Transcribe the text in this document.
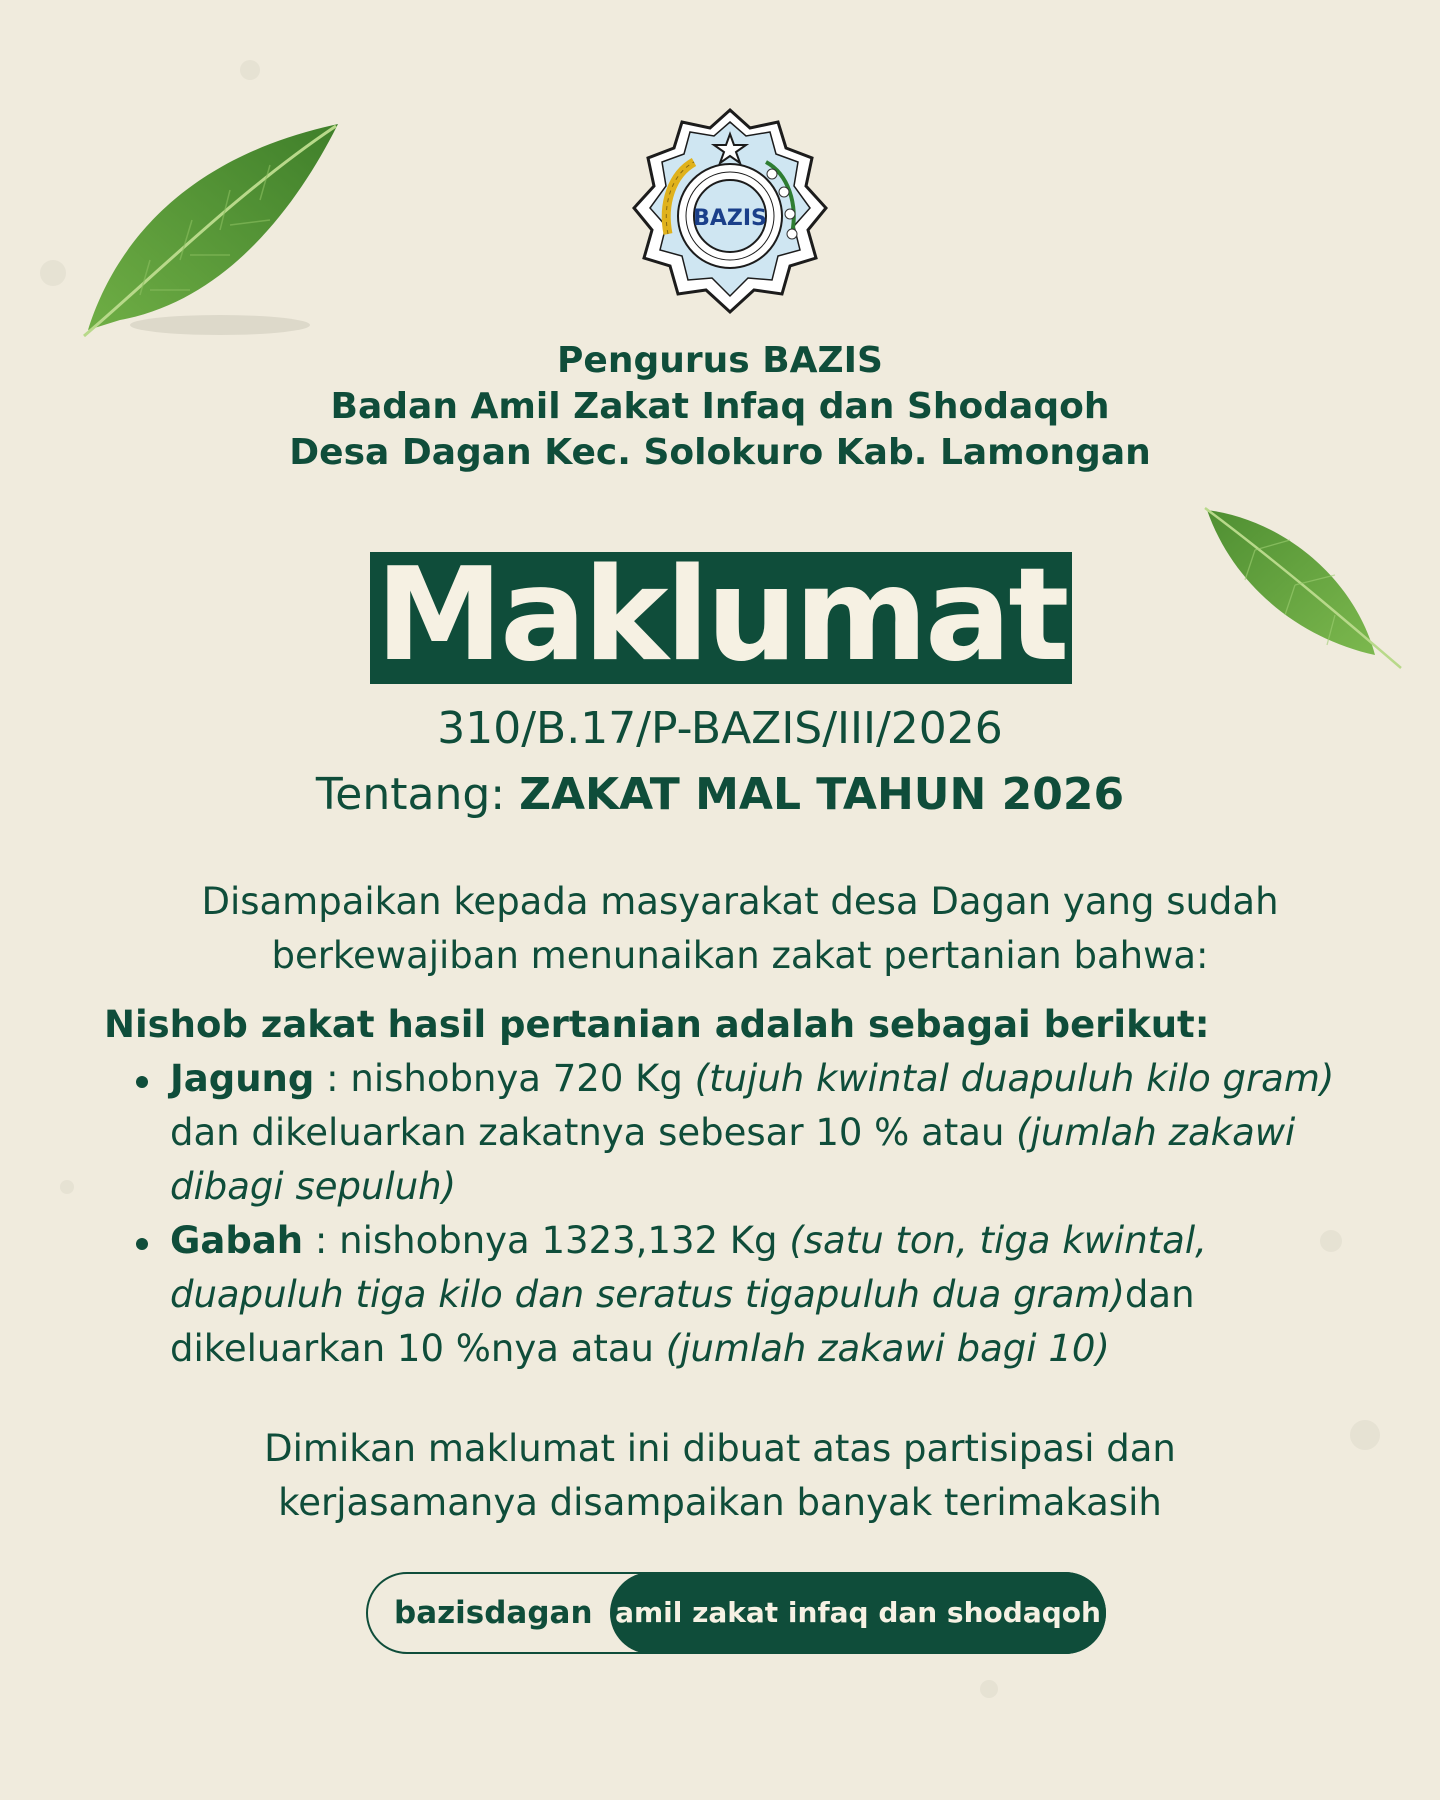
BAZIS
Pengurus BAZIS
Badan Amil Zakat Infaq dan Shodaqoh
Desa Dagan Kec. Solokuro Kab. Lamongan
Maklumat
310/B.17/P-BAZIS/III/2026
Tentang: ZAKAT MAL TAHUN 2026
Disampaikan kepada masyarakat desa Dagan yang sudah
berkewajiban menunaikan zakat pertanian bahwa:
Nishob zakat hasil pertanian adalah sebagai berikut:
Jagung : nishobnya 720 Kg (tujuh kwintal duapuluh kilo gram) dan dikeluarkan zakatnya sebesar 10 % atau (jumlah zakawi dibagi sepuluh)
Gabah : nishobnya 1323,132 Kg (satu ton, tiga kwintal, duapuluh tiga kilo dan seratus tigapuluh dua gram)dan dikeluarkan 10 %nya atau (jumlah zakawi bagi 10)
Dimikan maklumat ini dibuat atas partisipasi dan
kerjasamanya disampaikan banyak terimakasih
bazisdagan amil zakat infaq dan shodaqoh
